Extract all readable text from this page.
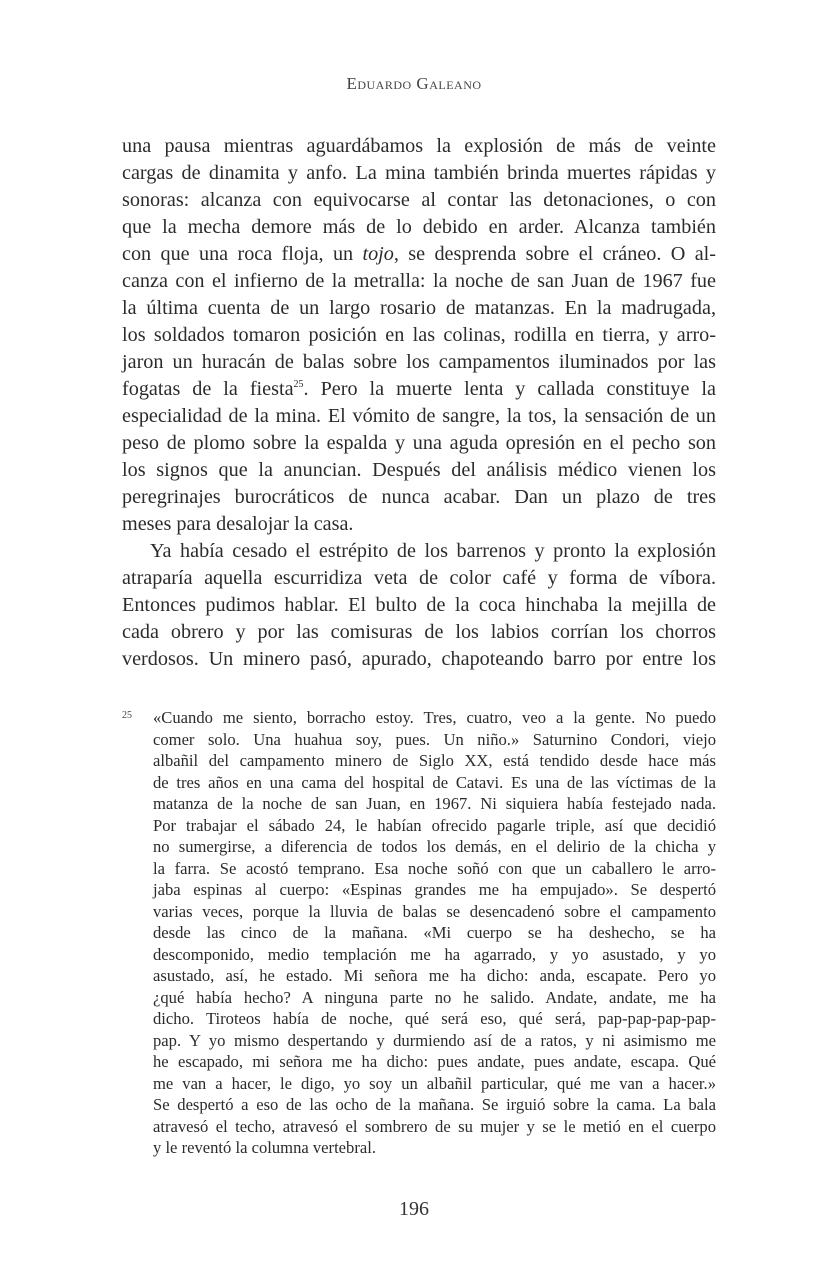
Eduardo Galeano
una pausa mientras aguardábamos la explosión de más de veinte
cargas de dinamita y anfo. La mina también brinda muertes rápidas y
sonoras: alcanza con equivocarse al contar las detonaciones, o con
que la mecha demore más de lo debido en arder. Alcanza también
con que una roca floja, un tojo, se desprenda sobre el cráneo. O al-
canza con el infierno de la metralla: la noche de san Juan de 1967 fue
la última cuenta de un largo rosario de matanzas. En la madrugada,
los soldados tomaron posición en las colinas, rodilla en tierra, y arro-
jaron un huracán de balas sobre los campamentos iluminados por las
fogatas de la fiesta$^{25}$. Pero la muerte lenta y callada constituye la
especialidad de la mina. El vómito de sangre, la tos, la sensación de un
peso de plomo sobre la espalda y una aguda opresión en el pecho son
los signos que la anuncian. Después del análisis médico vienen los
peregrinajes burocráticos de nunca acabar. Dan un plazo de tres
meses para desalojar la casa.
Ya había cesado el estrépito de los barrenos y pronto la explosión
atraparía aquella escurridiza veta de color café y forma de víbora.
Entonces pudimos hablar. El bulto de la coca hinchaba la mejilla de
cada obrero y por las comisuras de los labios corrían los chorros
verdosos. Un minero pasó, apurado, chapoteando barro por entre los
25 «Cuando me siento, borracho estoy. Tres, cuatro, veo a la gente. No puedo
comer solo. Una huahua soy, pues. Un niño.» Saturnino Condori, viejo
albañil del campamento minero de Siglo XX, está tendido desde hace más
de tres años en una cama del hospital de Catavi. Es una de las víctimas de la
matanza de la noche de san Juan, en 1967. Ni siquiera había festejado nada.
Por trabajar el sábado 24, le habían ofrecido pagarle triple, así que decidió
no sumergirse, a diferencia de todos los demás, en el delirio de la chicha y
la farra. Se acostó temprano. Esa noche soñó con que un caballero le arro-
jaba espinas al cuerpo: «Espinas grandes me ha empujado». Se despertó
varias veces, porque la lluvia de balas se desencadenó sobre el campamento
desde las cinco de la mañana. «Mi cuerpo se ha deshecho, se ha
descomponido, medio templación me ha agarrado, y yo asustado, y yo
asustado, así, he estado. Mi señora me ha dicho: anda, escapate. Pero yo
¿qué había hecho? A ninguna parte no he salido. Andate, andate, me ha
dicho. Tiroteos había de noche, qué será eso, qué será, pap-pap-pap-pap-
pap. Y yo mismo despertando y durmiendo así de a ratos, y ni asimismo me
he escapado, mi señora me ha dicho: pues andate, pues andate, escapa. Qué
me van a hacer, le digo, yo soy un albañil particular, qué me van a hacer.»
Se despertó a eso de las ocho de la mañana. Se irguió sobre la cama. La bala
atravesó el techo, atravesó el sombrero de su mujer y se le metió en el cuerpo
y le reventó la columna vertebral.
196
